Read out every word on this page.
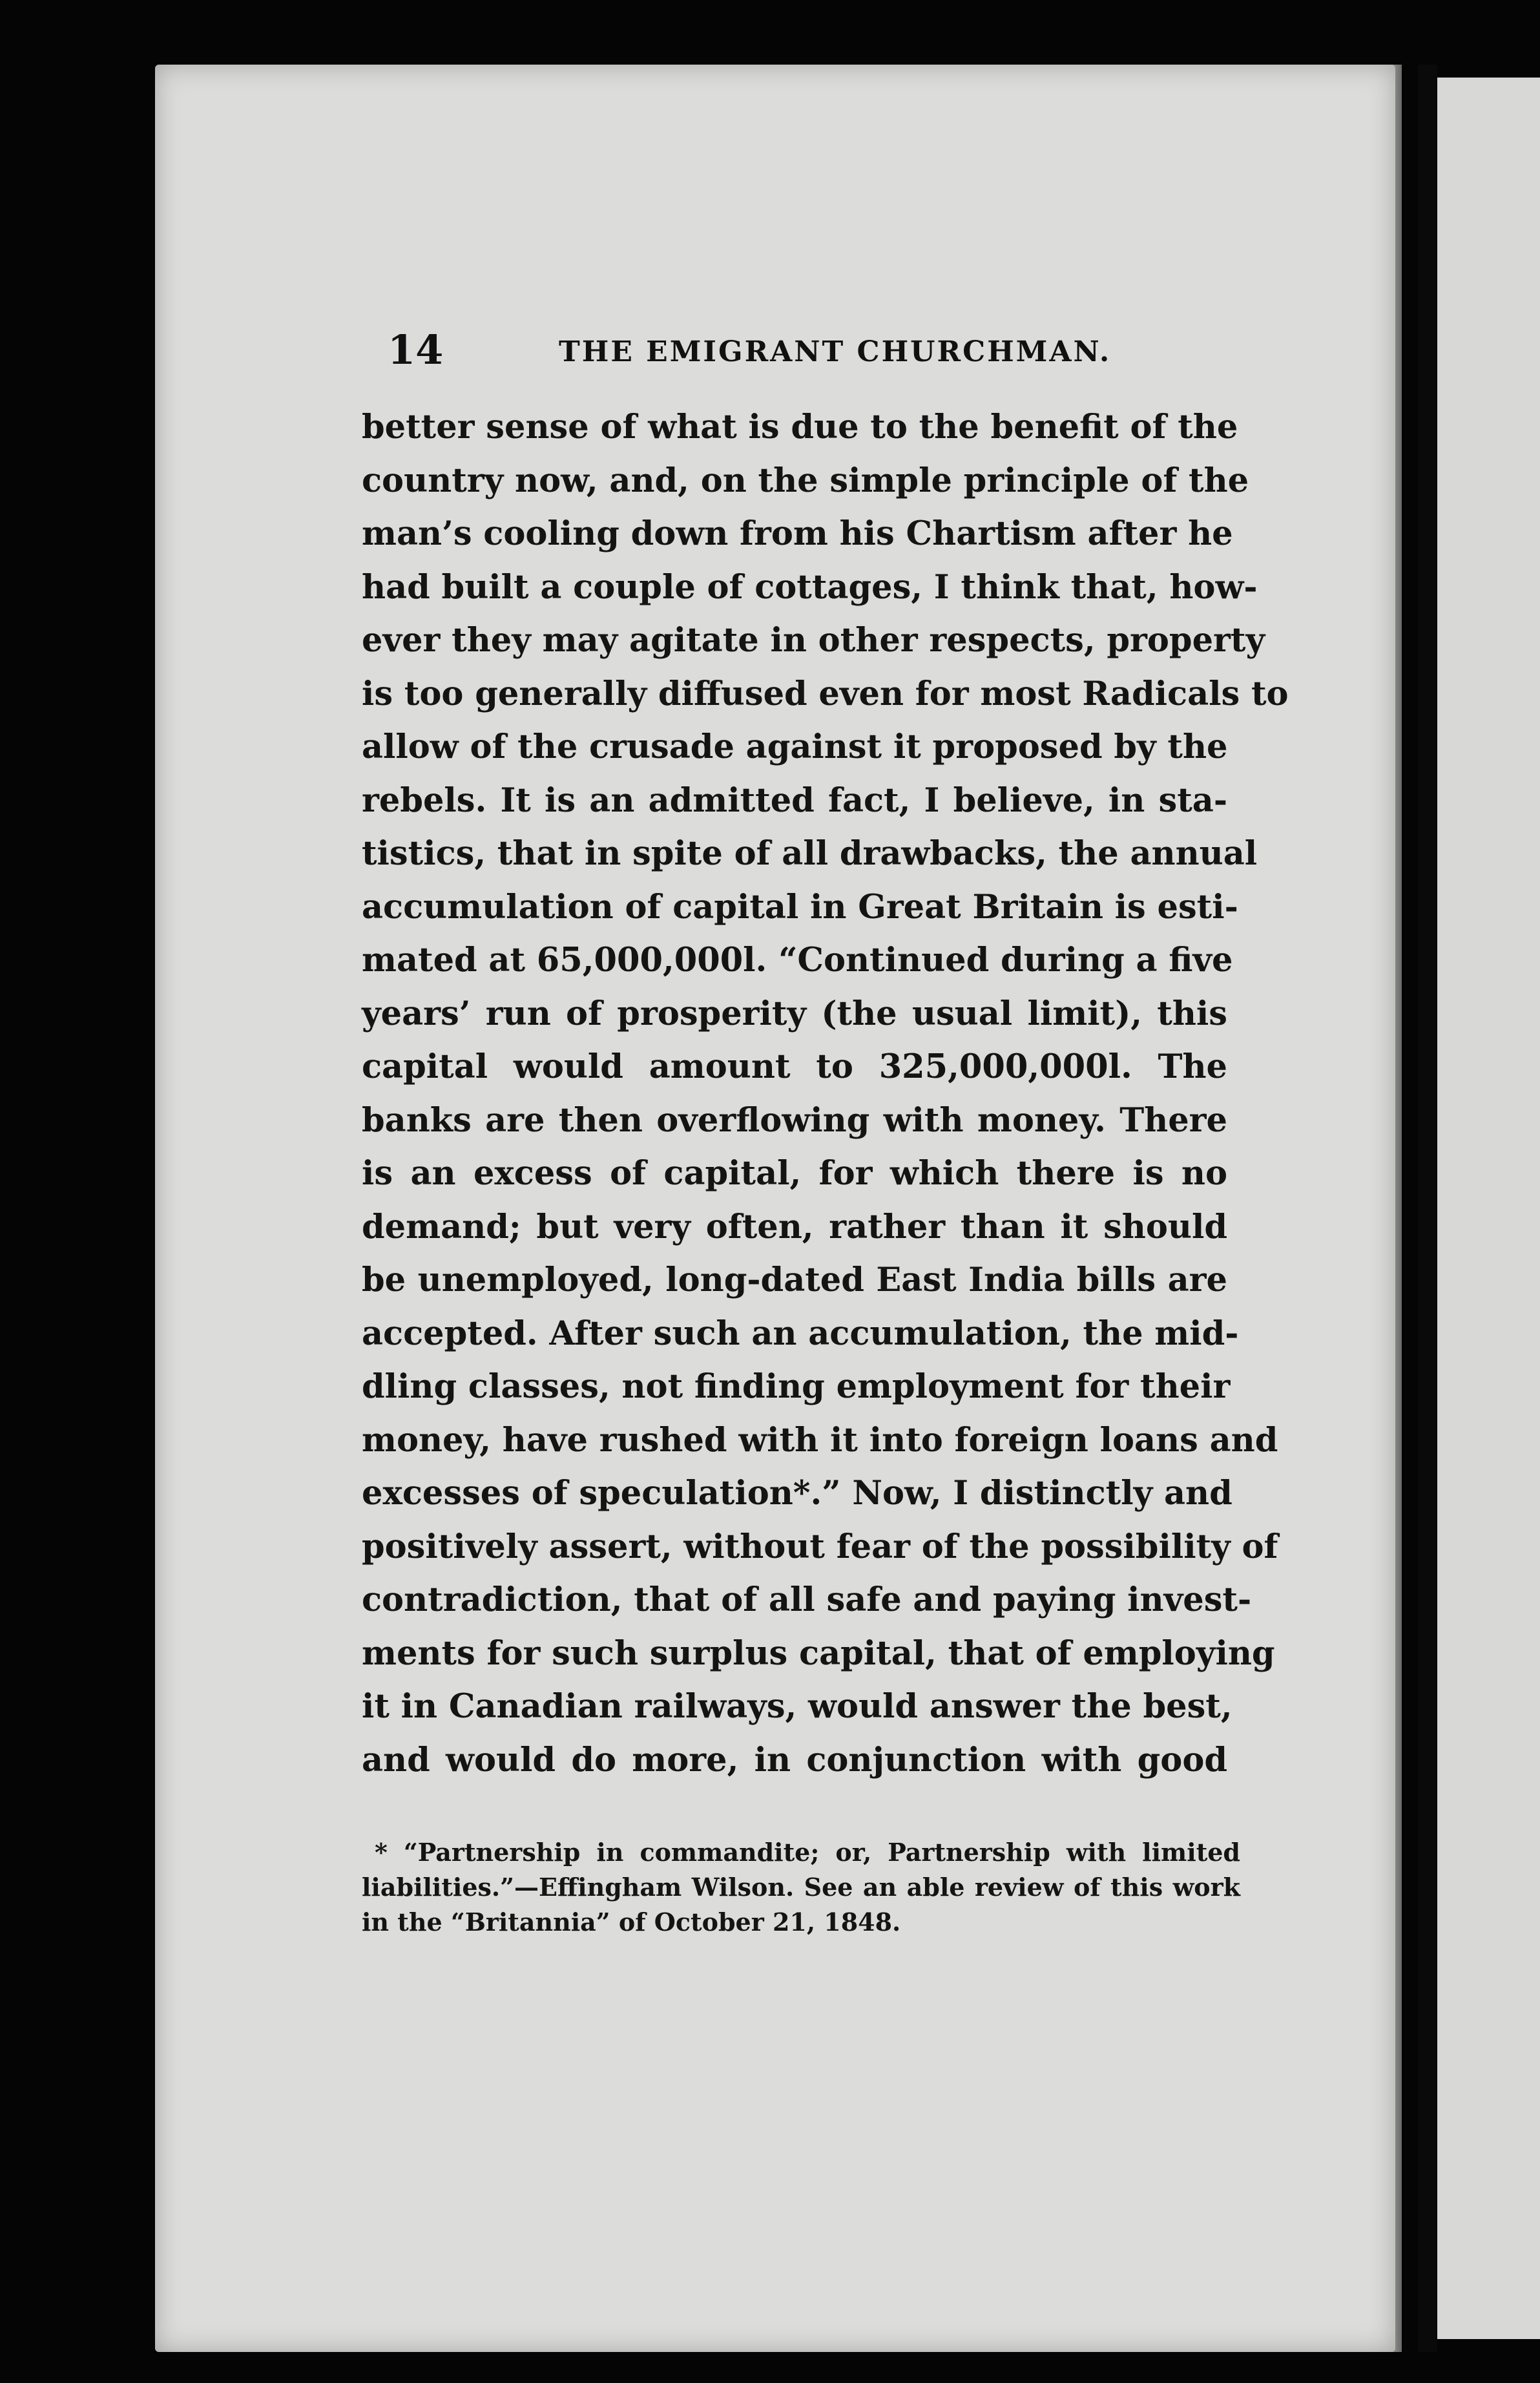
14	THE EMIGRANT CHURCHMAN.
better sense of what is due to the benefit of the
country now, and, on the simple principle of the
man’s cooling down from his Chartism after he
had built a couple of cottages, I think that, how-
ever they may agitate in other respects, property
is too generally diffused even for most Radicals to
allow of the crusade against it proposed by the
rebels. It is an admitted fact, I believe, in sta-
tistics, that in spite of all drawbacks, the annual
accumulation of capital in Great Britain is esti-
mated at 65,000,000l. “Continued during a five
years’ run of prosperity (the usual limit), this
capital would amount to 325,000,000l. The
banks are then overflowing with money. There
is an excess of capital, for which there is no
demand; but very often, rather than it should
be unemployed, long-dated East India bills are
accepted. After such an accumulation, the mid-
dling classes, not finding employment for their
money, have rushed with it into foreign loans and
excesses of speculation*.” Now, I distinctly and
positively assert, without fear of the possibility of
contradiction, that of all safe and paying invest-
ments for such surplus capital, that of employing
it in Canadian railways, would answer the best,
and would do more, in conjunction with good
* “Partnership in commandite; or, Partnership with limited
liabilities.”—Effingham Wilson. See an able review of this work
in the “Britannia” of October 21, 1848.
